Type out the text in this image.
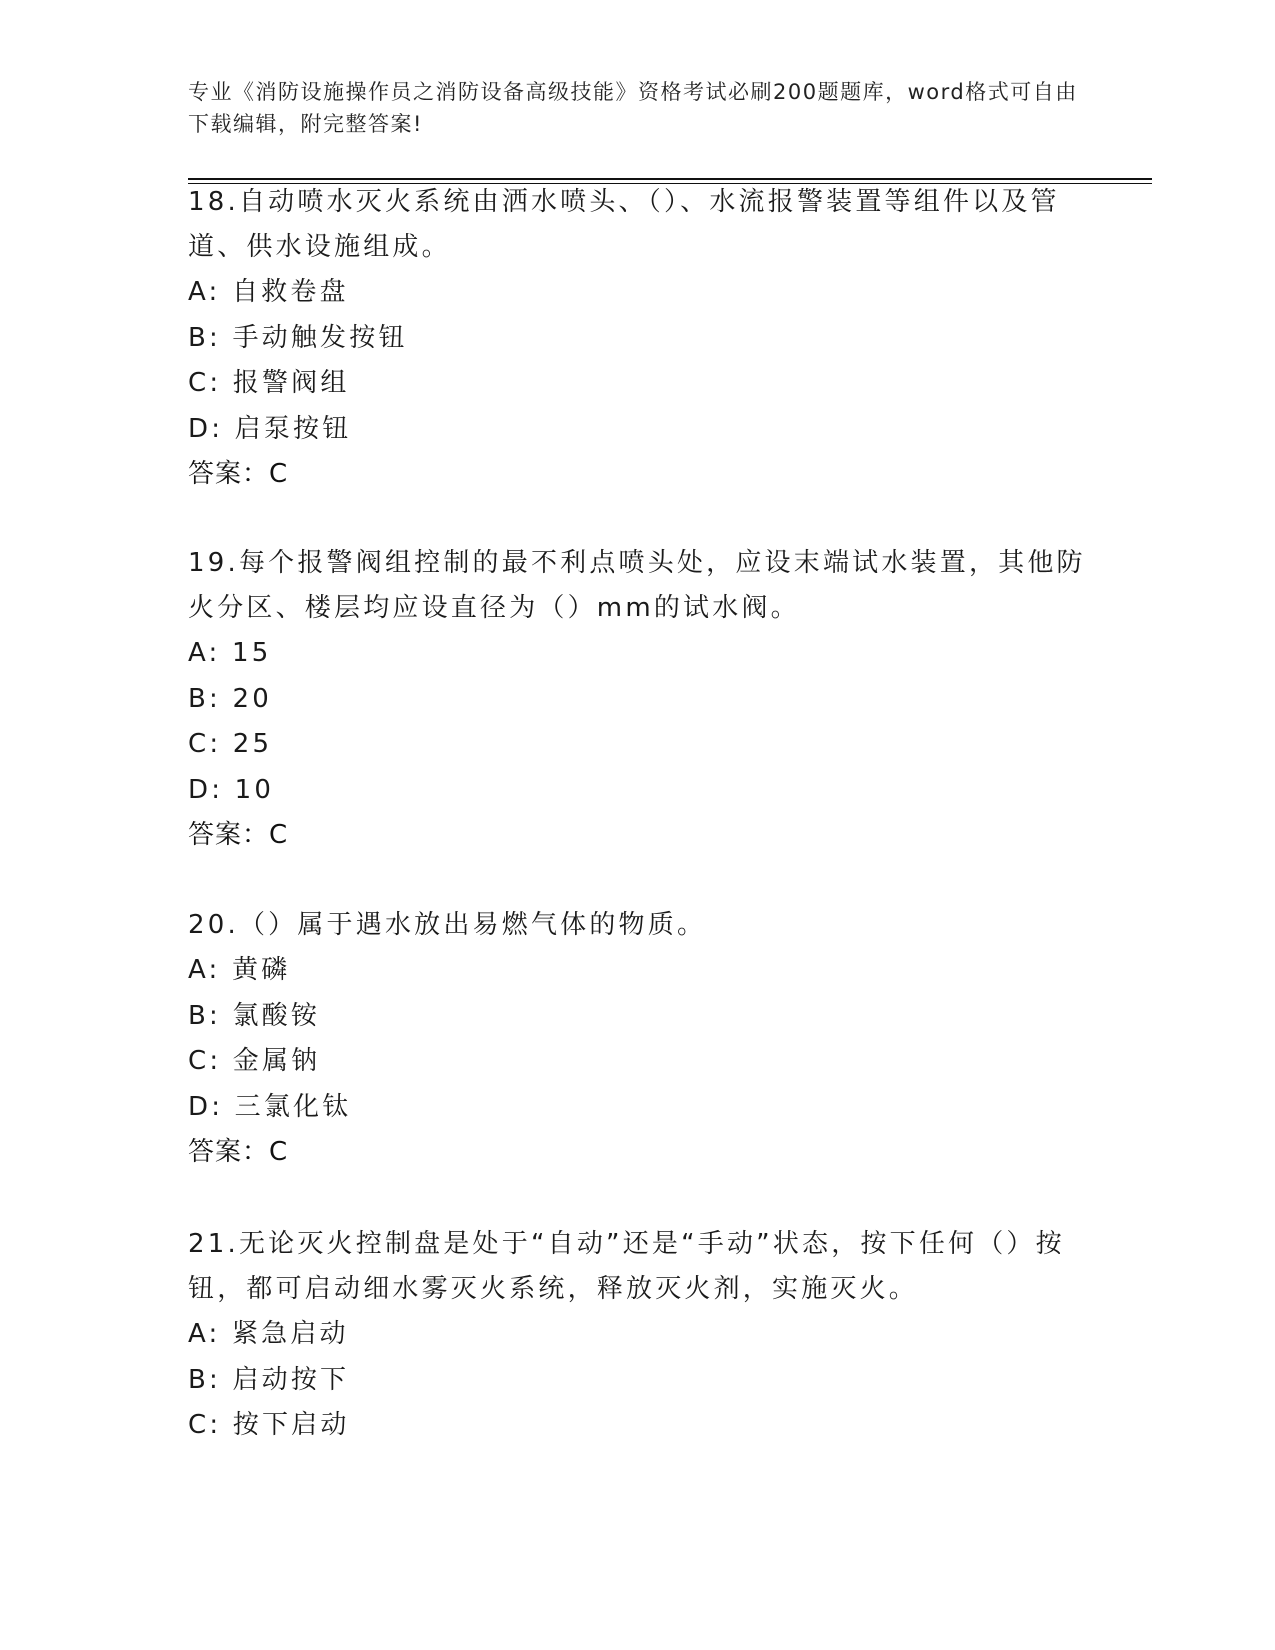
专业《消防设施操作员之消防设备高级技能》资格考试必刷200题题库，word格式可自由下载编辑，附完整答案!

18.自动喷水灭火系统由洒水喷头、（）、水流报警装置等组件以及管道、供水设施组成。

A: 自救卷盘

B: 手动触发按钮

C: 报警阀组

D: 启泵按钮

答案：C

19.每个报警阀组控制的最不利点喷头处，应设末端试水装置，其他防火分区、楼层均应设直径为（）mm的试水阀。

A: 15

B: 20

C: 25

D: 10

答案：C

20.（）属于遇水放出易燃气体的物质。

A: 黄磷

B: 氯酸铵

C: 金属钠

D: 三氯化钛

答案：C

21.无论灭火控制盘是处于“自动”还是“手动”状态，按下任何（）按钮，都可启动细水雾灭火系统，释放灭火剂，实施灭火。

A: 紧急启动

B: 启动按下

C: 按下启动
